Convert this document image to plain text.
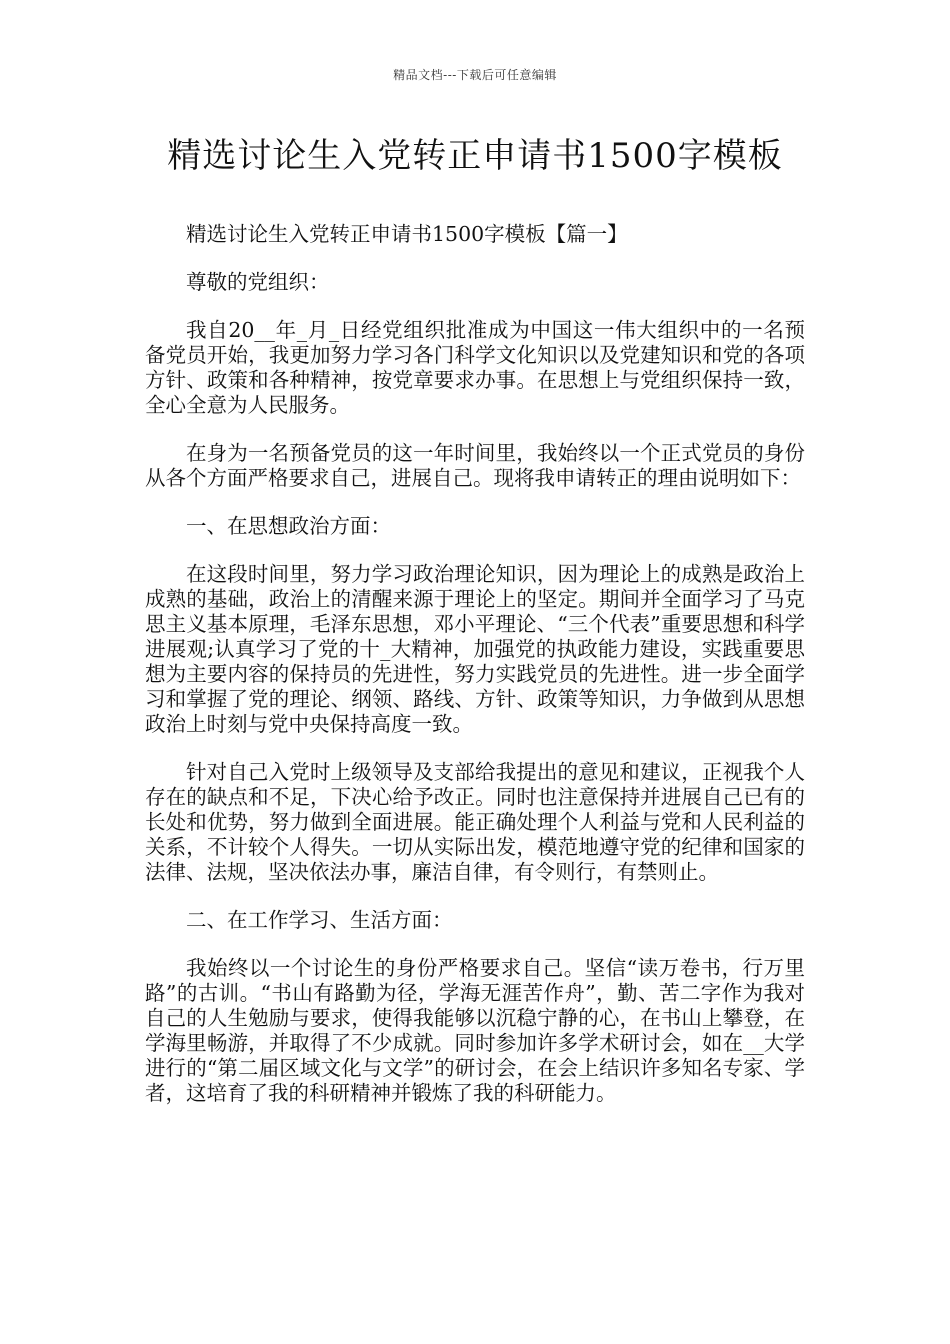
精品文档---下载后可任意编辑
精选讨论生入党转正申请书1500字模板

精选讨论生入党转正申请书1500字模板【篇一】

尊敬的党组织：

我自20__年_月_日经党组织批准成为中国这一伟大组织中的一名预备党员开始，我更加努力学习各门科学文化知识以及党建知识和党的各项方针、政策和各种精神，按党章要求办事。在思想上与党组织保持一致，全心全意为人民服务。

在身为一名预备党员的这一年时间里，我始终以一个正式党员的身份从各个方面严格要求自己，进展自己。现将我申请转正的理由说明如下：

一、在思想政治方面：

在这段时间里，努力学习政治理论知识，因为理论上的成熟是政治上成熟的基础，政治上的清醒来源于理论上的坚定。期间并全面学习了马克思主义基本原理，毛泽东思想，邓小平理论、“三个代表”重要思想和科学进展观;认真学习了党的十_大精神，加强党的执政能力建设，实践重要思想为主要内容的保持员的先进性，努力实践党员的先进性。进一步全面学习和掌握了党的理论、纲领、路线、方针、政策等知识，力争做到从思想政治上时刻与党中央保持高度一致。

针对自己入党时上级领导及支部给我提出的意见和建议，正视我个人存在的缺点和不足，下决心给予改正。同时也注意保持并进展自己已有的长处和优势，努力做到全面进展。能正确处理个人利益与党和人民利益的关系，不计较个人得失。一切从实际出发，模范地遵守党的纪律和国家的法律、法规，坚决依法办事，廉洁自律，有令则行，有禁则止。

二、在工作学习、生活方面：

我始终以一个讨论生的身份严格要求自己。坚信“读万卷书，行万里路”的古训。“书山有路勤为径，学海无涯苦作舟”，勤、苦二字作为我对自己的人生勉励与要求，使得我能够以沉稳宁静的心，在书山上攀登，在学海里畅游，并取得了不少成就。同时参加许多学术研讨会，如在__大学进行的“第二届区域文化与文学”的研讨会，在会上结识许多知名专家、学者，这培育了我的科研精神并锻炼了我的科研能力。
